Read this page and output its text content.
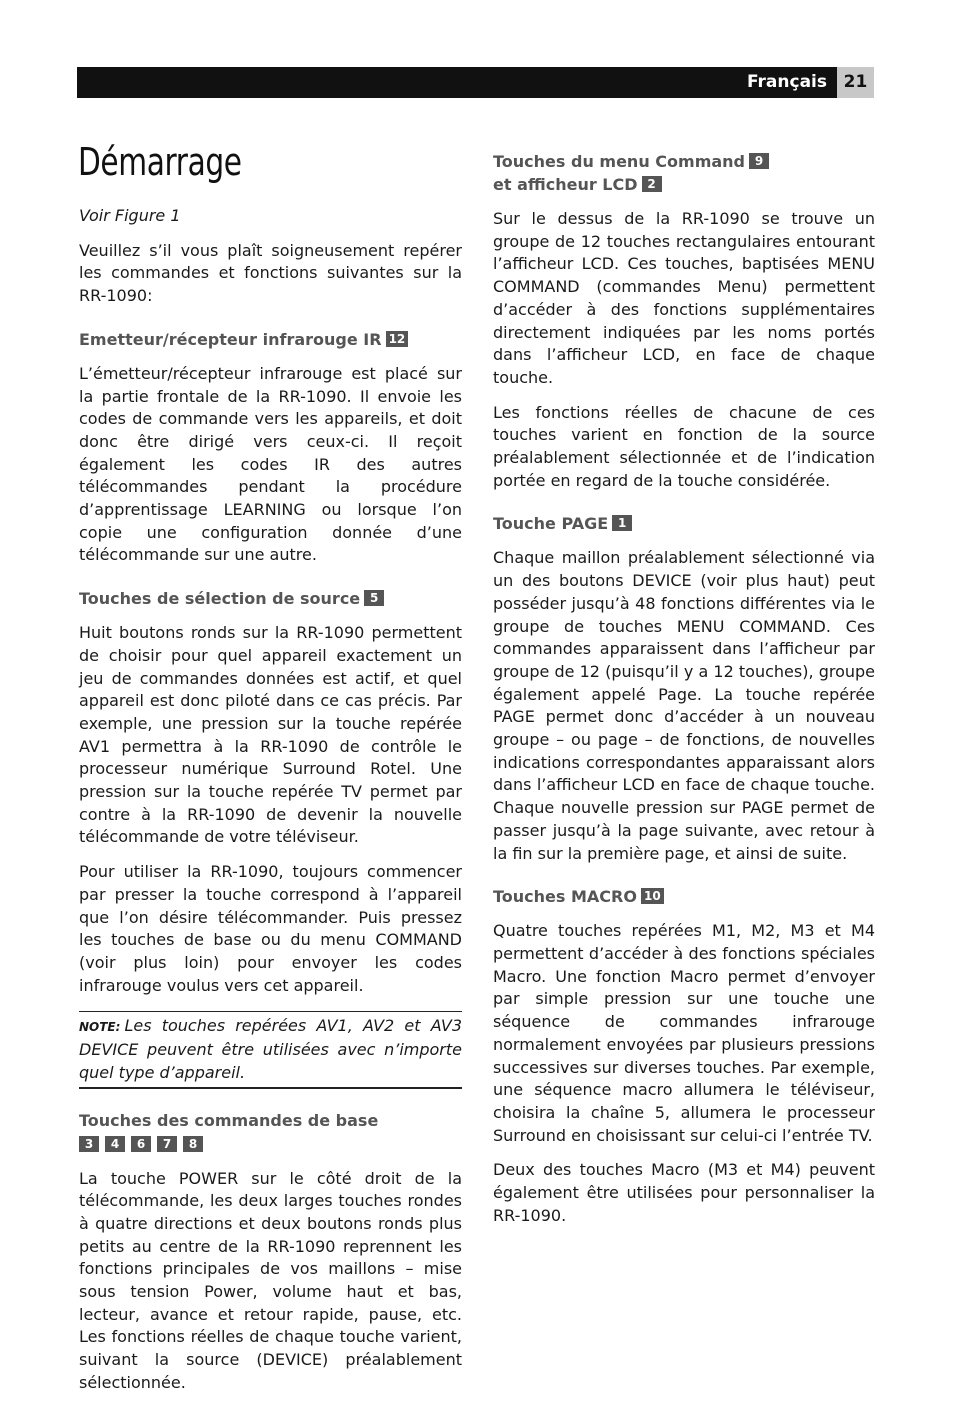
Français 21
Démarrage

Voir Figure 1

Veuillez s’il vous plaît soigneusement repérer les commandes et fonctions suivantes sur la RR-1090:

Emetteur/récepteur infrarouge IR 12

L’émetteur/récepteur infrarouge est placé sur la partie frontale de la RR-1090. Il envoie les codes de commande vers les appareils, et doit donc être dirigé vers ceux-ci. Il reçoit également les codes IR des autres télécommandes pendant la procédure d’apprentissage LEARNING ou lorsque l’on copie une configuration donnée d’une télécommande sur une autre.

Touches de sélection de source 5

Huit boutons ronds sur la RR-1090 permettent de choisir pour quel appareil exactement un jeu de commandes données est actif, et quel appareil est donc piloté dans ce cas précis. Par exemple, une pression sur la touche repérée AV1 permettra à la RR-1090 de contrôle le processeur numérique Surround Rotel. Une pression sur la touche repérée TV permet par contre à la RR-1090 de devenir la nouvelle télécommande de votre téléviseur.

Pour utiliser la RR-1090, toujours commencer par presser la touche correspond à l’appareil que l’on désire télécommander. Puis pressez les touches de base ou du menu COMMAND (voir plus loin) pour envoyer les codes infrarouge voulus vers cet appareil.

NOTE: Les touches repérées AV1, AV2 et AV3 DEVICE peuvent être utilisées avec n’importe quel type d’appareil.

Touches des commandes de base
3 4 6 7 8

La touche POWER sur le côté droit de la télécommande, les deux larges touches rondes à quatre directions et deux boutons ronds plus petits au centre de la RR-1090 reprennent les fonctions principales de vos maillons – mise sous tension Power, volume haut et bas, lecteur, avance et retour rapide, pause, etc. Les fonctions réelles de chaque touche varient, suivant la source (DEVICE) préalablement sélectionnée.

Touches du menu Command 9
et afficheur LCD 2

Sur le dessus de la RR-1090 se trouve un groupe de 12 touches rectangulaires entourant l’afficheur LCD. Ces touches, baptisées MENU COMMAND (commandes Menu) permettent d’accéder à des fonctions supplémentaires directement indiquées par les noms portés dans l’afficheur LCD, en face de chaque touche.

Les fonctions réelles de chacune de ces touches varient en fonction de la source préalablement sélectionnée et de l’indication portée en regard de la touche considérée.

Touche PAGE 1

Chaque maillon préalablement sélectionné via un des boutons DEVICE (voir plus haut) peut posséder jusqu’à 48 fonctions différentes via le groupe de touches MENU COMMAND. Ces commandes apparaissent dans l’afficheur par groupe de 12 (puisqu’il y a 12 touches), groupe également appelé Page. La touche repérée PAGE permet donc d’accéder à un nouveau groupe – ou page – de fonctions, de nouvelles indications correspondantes apparaissant alors dans l’afficheur LCD en face de chaque touche. Chaque nouvelle pression sur PAGE permet de passer jusqu’à la page suivante, avec retour à la fin sur la première page, et ainsi de suite.

Touches MACRO 10

Quatre touches repérées M1, M2, M3 et M4 permettent d’accéder à des fonctions spéciales Macro. Une fonction Macro permet d’envoyer par simple pression sur une touche une séquence de commandes infrarouge normalement envoyées par plusieurs pressions successives sur diverses touches. Par exemple, une séquence macro allumera le téléviseur, choisira la chaîne 5, allumera le processeur Surround en choisissant sur celui-ci l’entrée TV.

Deux des touches Macro (M3 et M4) peuvent également être utilisées pour personnaliser la RR-1090.
